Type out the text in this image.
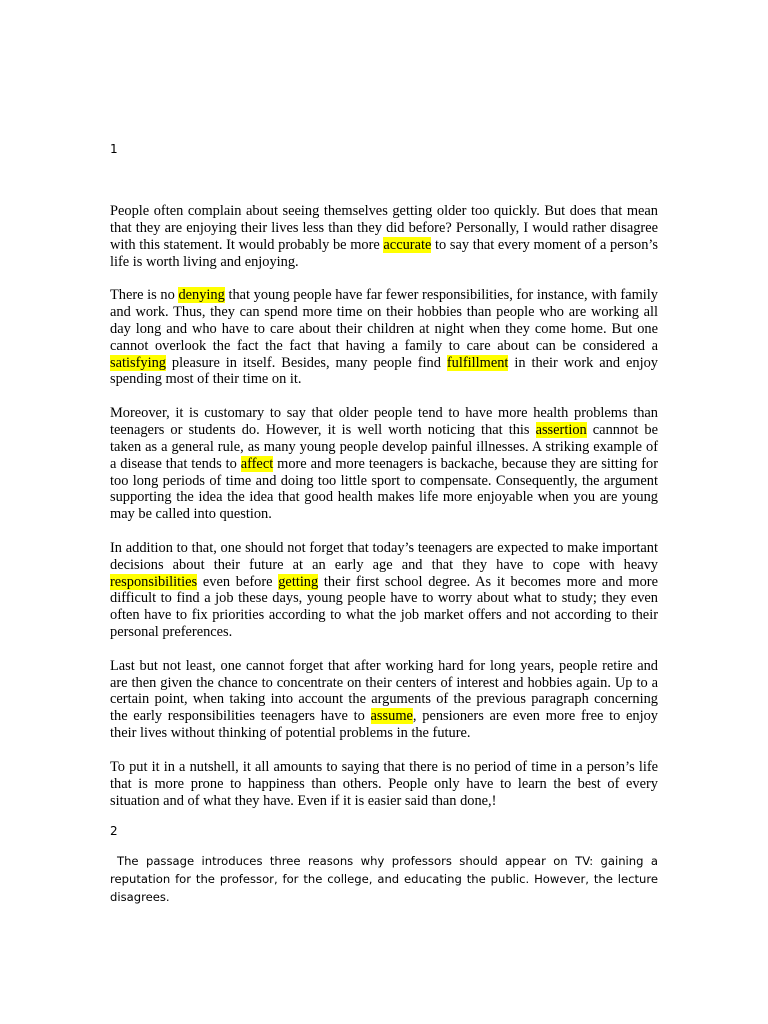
1

People often complain about seeing themselves getting older too quickly. But does that mean that they are enjoying their lives less than they did before? Personally, I would rather disagree with this statement. It would probably be more accurate to say that every moment of a person’s life is worth living and enjoying.

There is no denying that young people have far fewer responsibilities, for instance, with family and work. Thus, they can spend more time on their hobbies than people who are working all day long and who have to care about their children at night when they come home. But one cannot overlook the fact the fact that having a family to care about can be considered a satisfying pleasure in itself. Besides, many people find fulfillment in their work and enjoy spending most of their time on it.

Moreover, it is customary to say that older people tend to have more health problems than teenagers or students do. However, it is well worth noticing that this assertion cannnot be taken as a general rule, as many young people develop painful illnesses. A striking example of a disease that tends to affect more and more teenagers is backache, because they are sitting for too long periods of time and doing too little sport to compensate. Consequently, the argument supporting the idea the idea that good health makes life more enjoyable when you are young may be called into question.

In addition to that, one should not forget that today’s teenagers are expected to make important decisions about their future at an early age and that they have to cope with heavy responsibilities even before getting their first school degree. As it becomes more and more difficult to find a job these days, young people have to worry about what to study; they even often have to fix priorities according to what the job market offers and not according to their personal preferences.

Last but not least, one cannot forget that after working hard for long years, people retire and are then given the chance to concentrate on their centers of interest and hobbies again. Up to a certain point, when taking into account the arguments of the previous paragraph concerning the early responsibilities teenagers have to assume, pensioners are even more free to enjoy their lives without thinking of potential problems in the future.

To put it in a nutshell, it all amounts to saying that there is no period of time in a person’s life that is more prone to happiness than others. People only have to learn the best of every situation and of what they have. Even if it is easier said than done,!

2

The passage introduces three reasons why professors should appear on TV: gaining a reputation for the professor, for the college, and educating the public. However, the lecture disagrees.
